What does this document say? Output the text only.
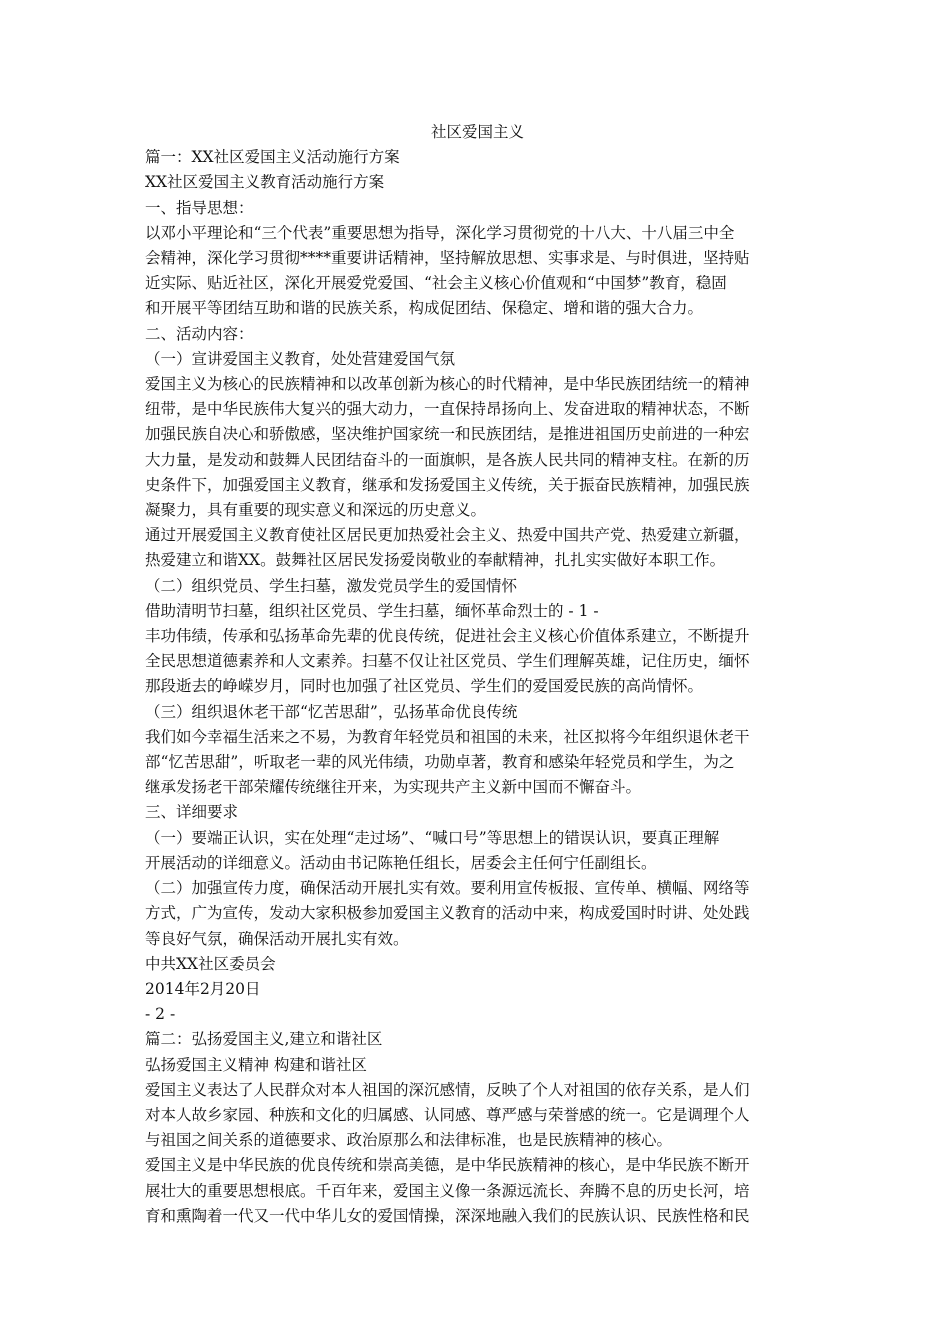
社区爱国主义
篇一：XX社区爱国主义活动施行方案
XX社区爱国主义教育活动施行方案
一、指导思想：
以邓小平理论和“三个代表”重要思想为指导，深化学习贯彻党的十八大、十八届三中全
会精神，深化学习贯彻****重要讲话精神，坚持解放思想、实事求是、与时俱进，坚持贴
近实际、贴近社区，深化开展爱党爱国、“社会主义核心价值观和“中国梦”教育，稳固
和开展平等团结互助和谐的民族关系，构成促团结、保稳定、增和谐的强大合力。
二、活动内容：
（一）宣讲爱国主义教育，处处营建爱国气氛
爱国主义为核心的民族精神和以改革创新为核心的时代精神，是中华民族团结统一的精神
纽带，是中华民族伟大复兴的强大动力，一直保持昂扬向上、发奋进取的精神状态，不断
加强民族自决心和骄傲感，坚决维护国家统一和民族团结，是推进祖国历史前进的一种宏
大力量，是发动和鼓舞人民团结奋斗的一面旗帜，是各族人民共同的精神支柱。在新的历
史条件下，加强爱国主义教育，继承和发扬爱国主义传统，关于振奋民族精神，加强民族
凝聚力，具有重要的现实意义和深远的历史意义。
通过开展爱国主义教育使社区居民更加热爱社会主义、热爱中国共产党、热爱建立新疆，
热爱建立和谐XX。鼓舞社区居民发扬爱岗敬业的奉献精神，扎扎实实做好本职工作。
（二）组织党员、学生扫墓，激发党员学生的爱国情怀
借助清明节扫墓，组织社区党员、学生扫墓，缅怀革命烈士的 - 1 -
丰功伟绩，传承和弘扬革命先辈的优良传统，促进社会主义核心价值体系建立，不断提升
全民思想道德素养和人文素养。扫墓不仅让社区党员、学生们理解英雄，记住历史，缅怀
那段逝去的峥嵘岁月，同时也加强了社区党员、学生们的爱国爱民族的高尚情怀。
（三）组织退休老干部“忆苦思甜”，弘扬革命优良传统
我们如今幸福生活来之不易，为教育年轻党员和祖国的未来，社区拟将今年组织退休老干
部“忆苦思甜”，听取老一辈的风光伟绩，功勋卓著，教育和感染年轻党员和学生，为之
继承发扬老干部荣耀传统继往开来，为实现共产主义新中国而不懈奋斗。
三、详细要求
（一）要端正认识，实在处理“走过场”、“喊口号”等思想上的错误认识，要真正理解
开展活动的详细意义。活动由书记陈艳任组长，居委会主任何宁任副组长。
（二）加强宣传力度，确保活动开展扎实有效。要利用宣传板报、宣传单、横幅、网络等
方式，广为宣传，发动大家积极参加爱国主义教育的活动中来，构成爱国时时讲、处处践
等良好气氛，确保活动开展扎实有效。
中共XX社区委员会
2014年2月20日
- 2 -
篇二：弘扬爱国主义,建立和谐社区
弘扬爱国主义精神 构建和谐社区
爱国主义表达了人民群众对本人祖国的深沉感情，反映了个人对祖国的依存关系，是人们
对本人故乡家园、种族和文化的归属感、认同感、尊严感与荣誉感的统一。它是调理个人
与祖国之间关系的道德要求、政治原那么和法律标准，也是民族精神的核心。
爱国主义是中华民族的优良传统和崇高美德，是中华民族精神的核心，是中华民族不断开
展壮大的重要思想根底。千百年来，爱国主义像一条源远流长、奔腾不息的历史长河，培
育和熏陶着一代又一代中华儿女的爱国情操，深深地融入我们的民族认识、民族性格和民
